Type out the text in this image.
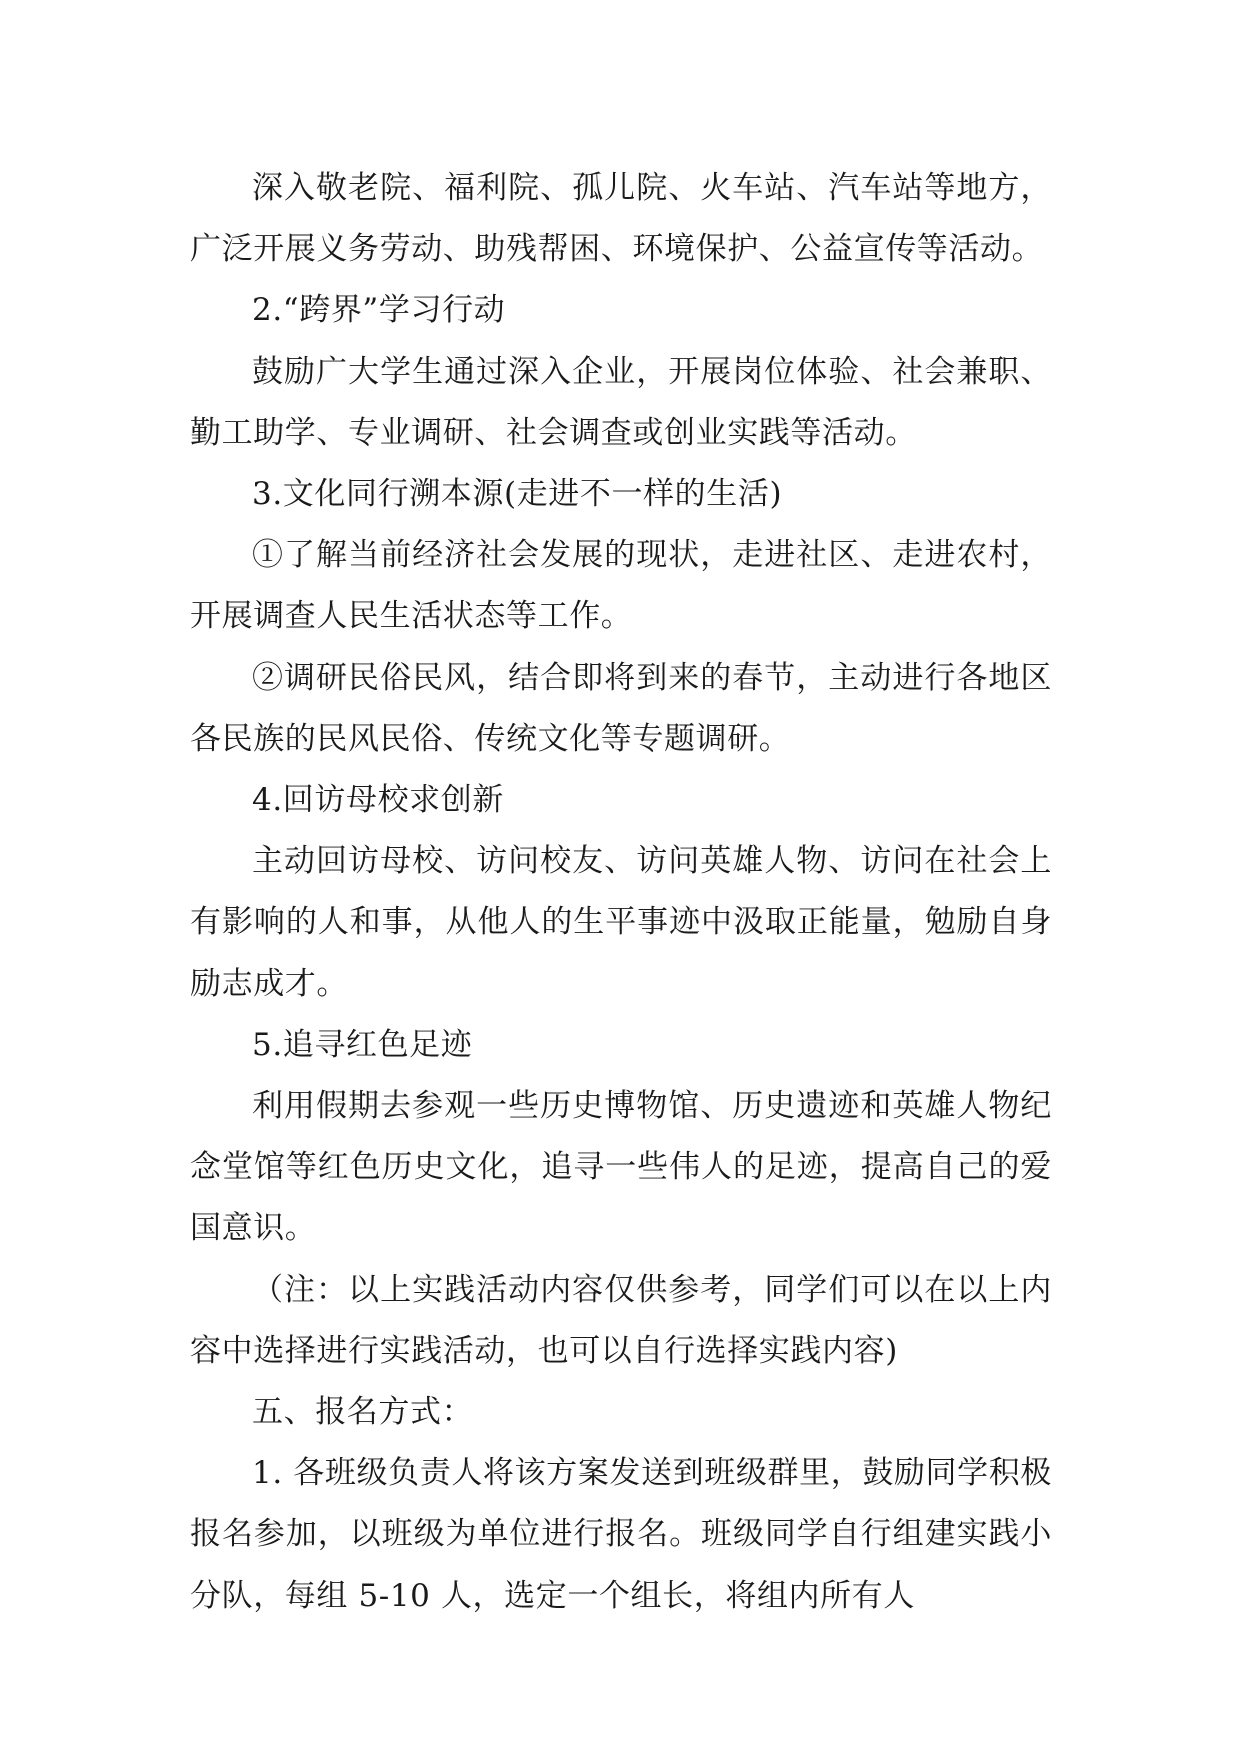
深入敬老院、福利院、孤儿院、火车站、汽车站等地方，广泛开展义务劳动、助残帮困、环境保护、公益宣传等活动。

2.“跨界”学习行动

鼓励广大学生通过深入企业，开展岗位体验、社会兼职、勤工助学、专业调研、社会调查或创业实践等活动。

3.文化同行溯本源(走进不一样的生活)

①了解当前经济社会发展的现状，走进社区、走进农村，开展调查人民生活状态等工作。

②调研民俗民风，结合即将到来的春节，主动进行各地区各民族的民风民俗、传统文化等专题调研。

4.回访母校求创新

主动回访母校、访问校友、访问英雄人物、访问在社会上有影响的人和事，从他人的生平事迹中汲取正能量，勉励自身励志成才。

5.追寻红色足迹

利用假期去参观一些历史博物馆、历史遗迹和英雄人物纪念堂馆等红色历史文化，追寻一些伟人的足迹，提高自己的爱国意识。

（注：以上实践活动内容仅供参考，同学们可以在以上内容中选择进行实践活动，也可以自行选择实践内容)

五、报名方式：

1. 各班级负责人将该方案发送到班级群里，鼓励同学积极报名参加，以班级为单位进行报名。班级同学自行组建实践小分队，每组 5-10 人，选定一个组长，将组内所有人
